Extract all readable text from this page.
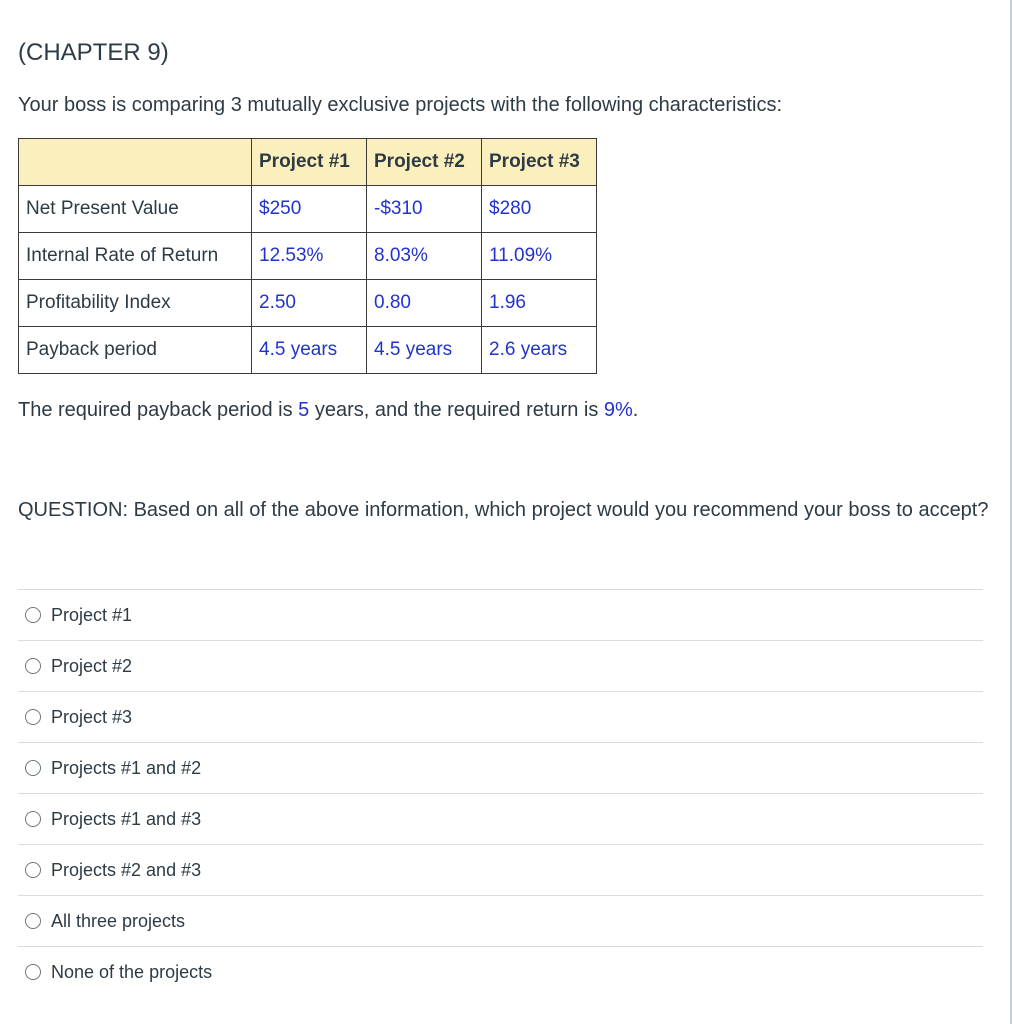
(CHAPTER 9)
Your boss is comparing 3 mutually exclusive projects with the following characteristics:
	Project #1	Project #2	Project #3
Net Present Value	$250	-$310	$280
Internal Rate of Return	12.53%	8.03%	11.09%
Profitability Index	2.50	0.80	1.96
Payback period	4.5 years	4.5 years	2.6 years
The required payback period is 5 years, and the required return is 9%.
QUESTION: Based on all of the above information, which project would you recommend your boss to accept?
Project #1
Project #2
Project #3
Projects #1 and #2
Projects #1 and #3
Projects #2 and #3
All three projects
None of the projects
